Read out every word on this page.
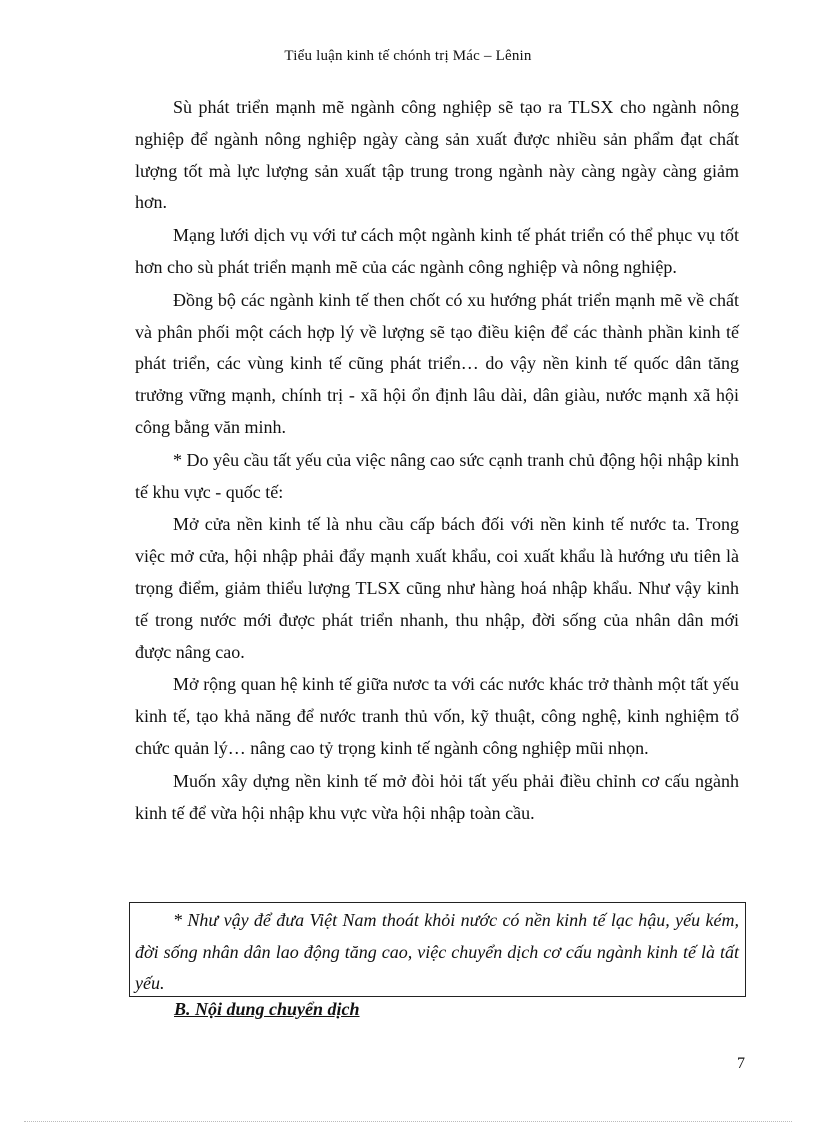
Tiểu luận kinh tế chónh trị Mác – Lênin

Sù phát triển mạnh mẽ ngành công nghiệp sẽ tạo ra TLSX cho ngành nông nghiệp để ngành nông nghiệp ngày càng sản xuất được nhiều sản phẩm đạt chất lượng tốt mà lực lượng sản xuất tập trung trong ngành này càng ngày càng giảm hơn.

Mạng lưới dịch vụ với tư cách một ngành kinh tế phát triển có thể phục vụ tốt hơn cho sù phát triển mạnh mẽ của các ngành công nghiệp và nông nghiệp.

Đồng bộ các ngành kinh tế then chốt có xu hướng phát triển mạnh mẽ về chất và phân phối một cách hợp lý về lượng sẽ tạo điều kiện để các thành phần kinh tế phát triển, các vùng kinh tế cũng phát triển… do vậy nền kinh tế quốc dân tăng trưởng vững mạnh, chính trị - xã hội ổn định lâu dài, dân giàu, nước mạnh xã hội công bằng văn minh.

* Do yêu cầu tất yếu của việc nâng cao sức cạnh tranh chủ động hội nhập kinh tế khu vực - quốc tế:

Mở cửa nền kinh tế là nhu cầu cấp bách đối với nền kinh tế nước ta. Trong việc mở cửa, hội nhập phải đẩy mạnh xuất khẩu, coi xuất khẩu là hướng ưu tiên là trọng điểm, giảm thiểu lượng TLSX cũng như hàng hoá nhập khẩu. Như vậy kinh tế trong nước mới được phát triển nhanh, thu nhập, đời sống của nhân dân mới được nâng cao.

Mở rộng quan hệ kinh tế giữa nươc ta với các nước khác trở thành một tất yếu kinh tế, tạo khả năng để nước tranh thủ vốn, kỹ thuật, công nghệ, kinh nghiệm tổ chức quản lý… nâng cao tỷ trọng kinh tế ngành công nghiệp mũi nhọn.

Muốn xây dựng nền kinh tế mở đòi hỏi tất yếu phải điều chỉnh cơ cấu ngành kinh tế để vừa hội nhập khu vực vừa hội nhập toàn cầu.

* Như vậy để đưa Việt Nam thoát khỏi nước có nền kinh tế lạc hậu, yếu kém, đời sống nhân dân lao động tăng cao, việc chuyển dịch cơ cấu ngành kinh tế là tất yếu.

B. Nội dung chuyển dịch
7
